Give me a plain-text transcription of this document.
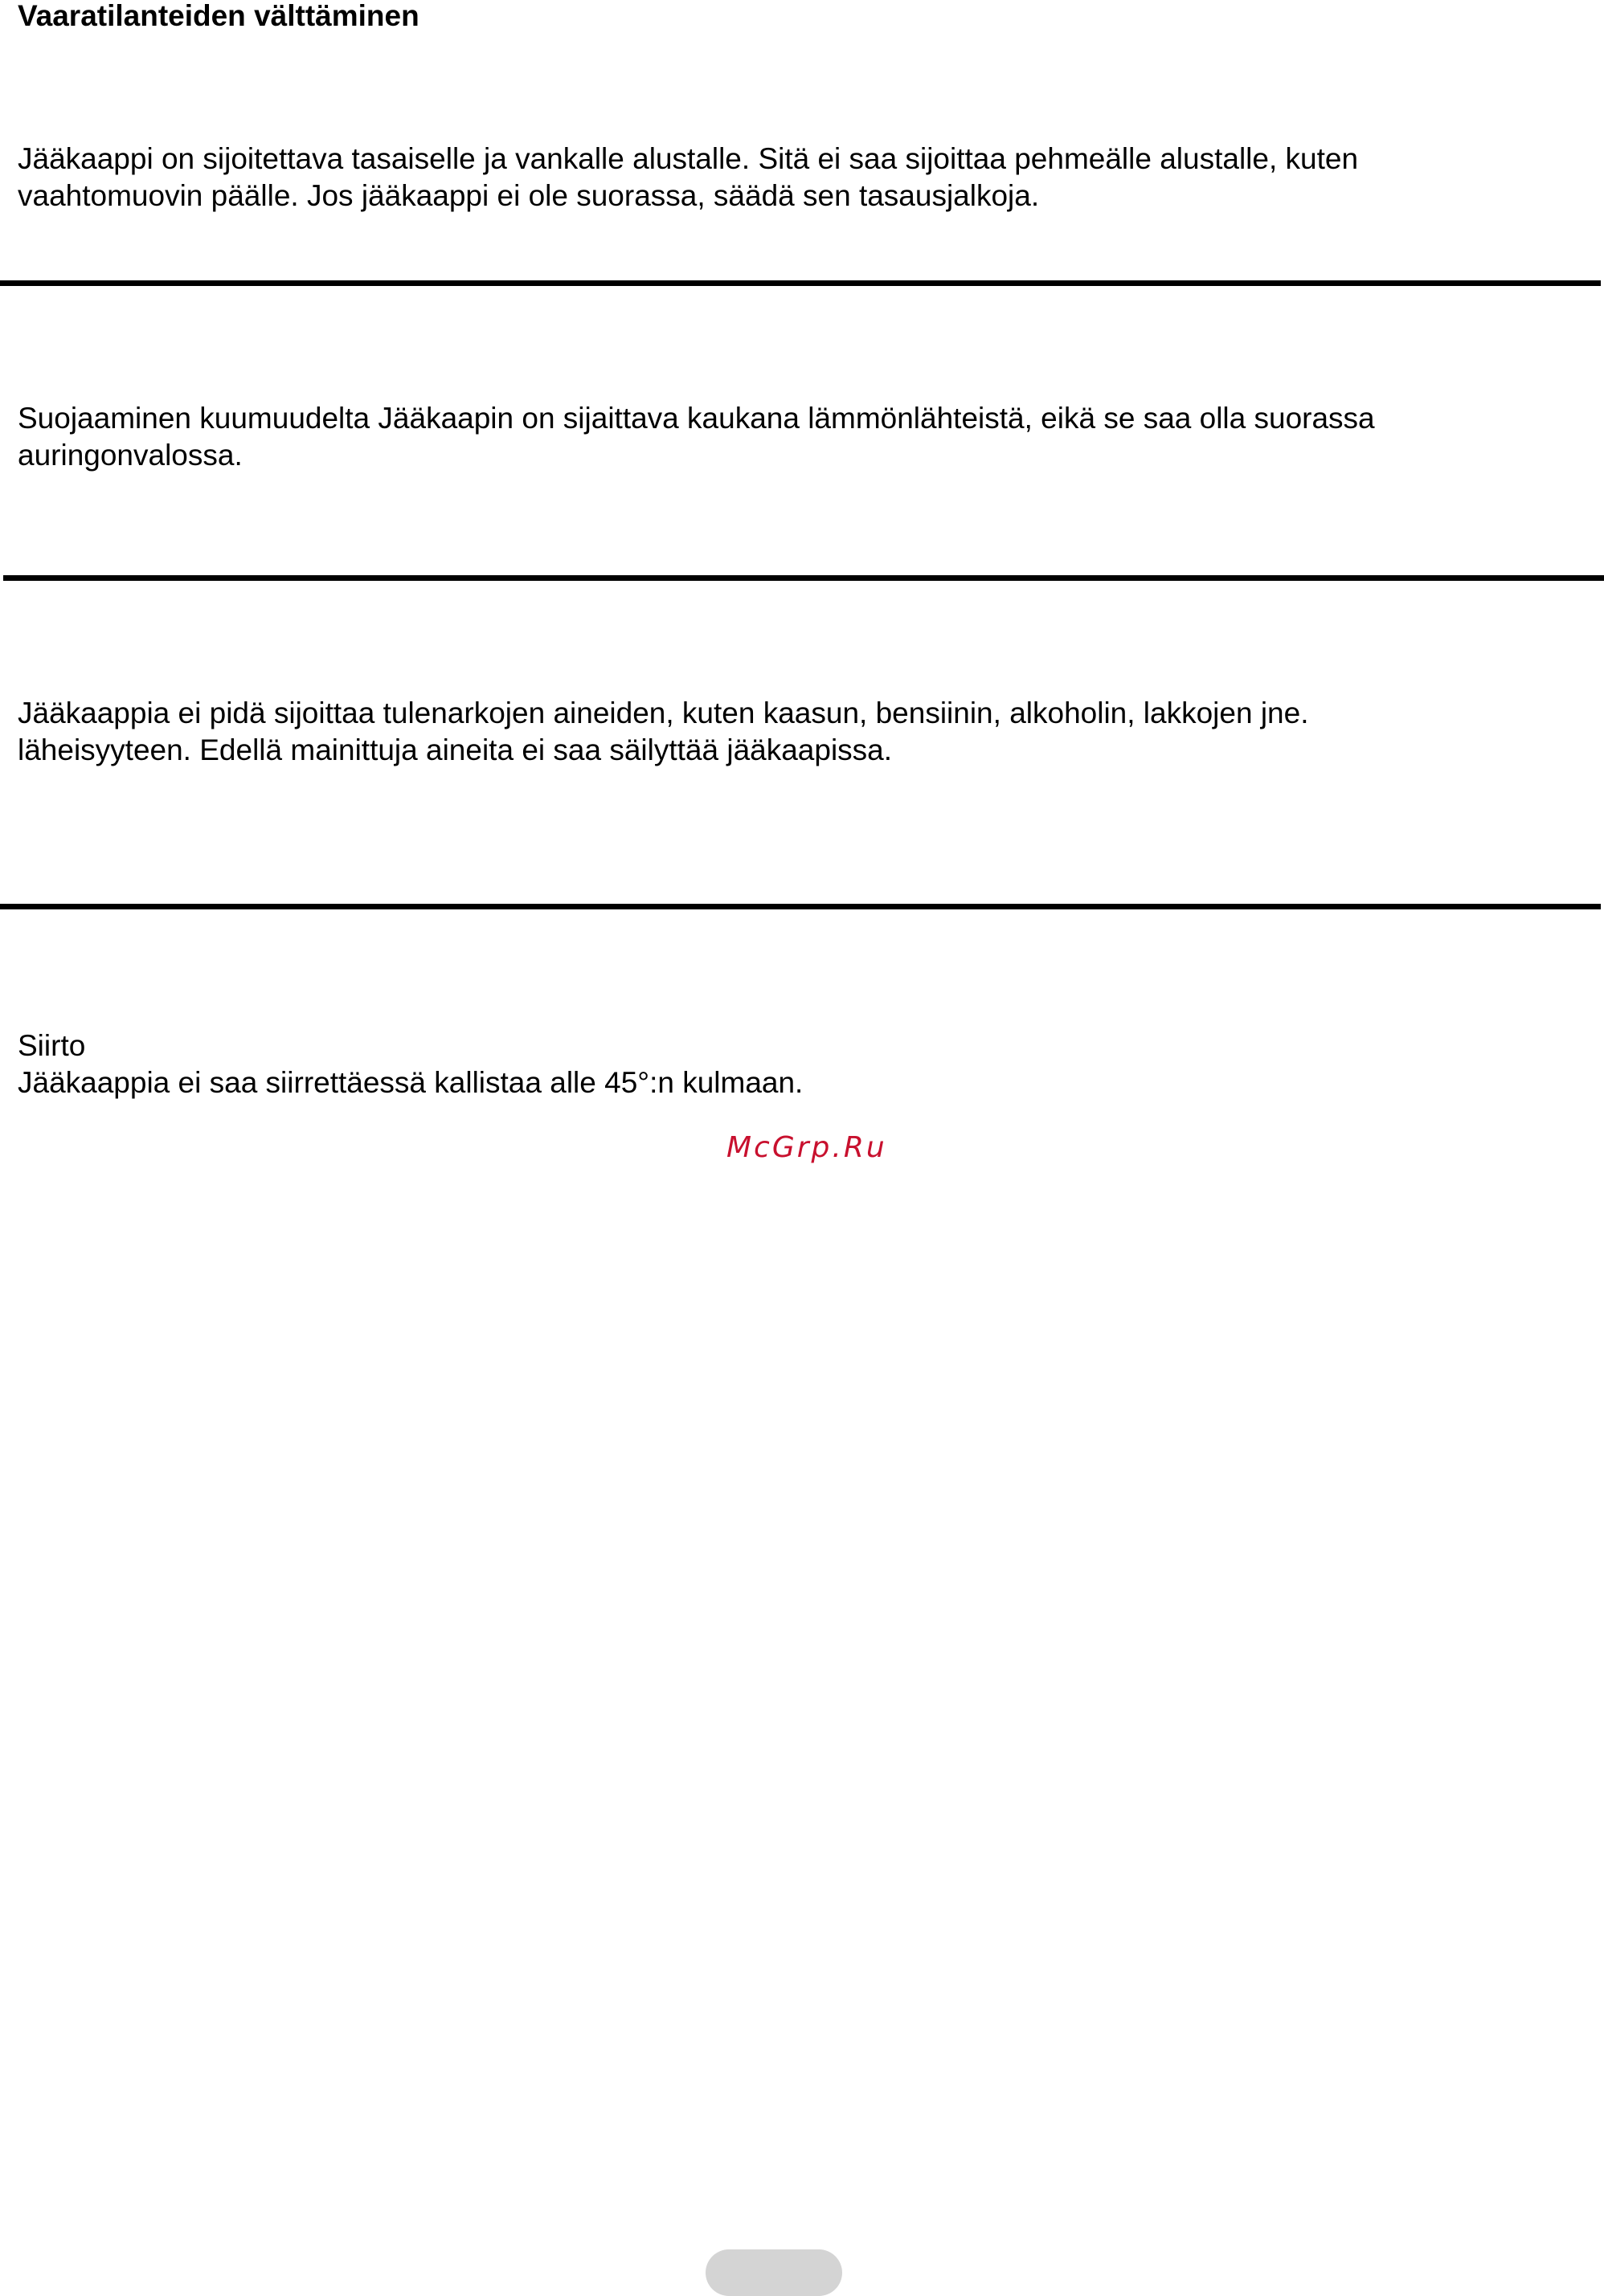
Vaaratilanteiden välttäminen

Jääkaappi on sijoitettava tasaiselle ja vankalle alustalle. Sitä ei saa sijoittaa pehmeälle alustalle, kuten
vaahtomuovin päälle. Jos jääkaappi ei ole suorassa, säädä sen tasausjalkoja.

Suojaaminen kuumuudelta Jääkaapin on sijaittava kaukana lämmönlähteistä, eikä se saa olla suorassa
auringonvalossa.

Jääkaappia ei pidä sijoittaa tulenarkojen aineiden, kuten kaasun, bensiinin, alkoholin, lakkojen jne.
läheisyyteen. Edellä mainittuja aineita ei saa säilyttää jääkaapissa.

Siirto
Jääkaappia ei saa siirrettäessä kallistaa alle 45°:n kulmaan.

McGrp.Ru
